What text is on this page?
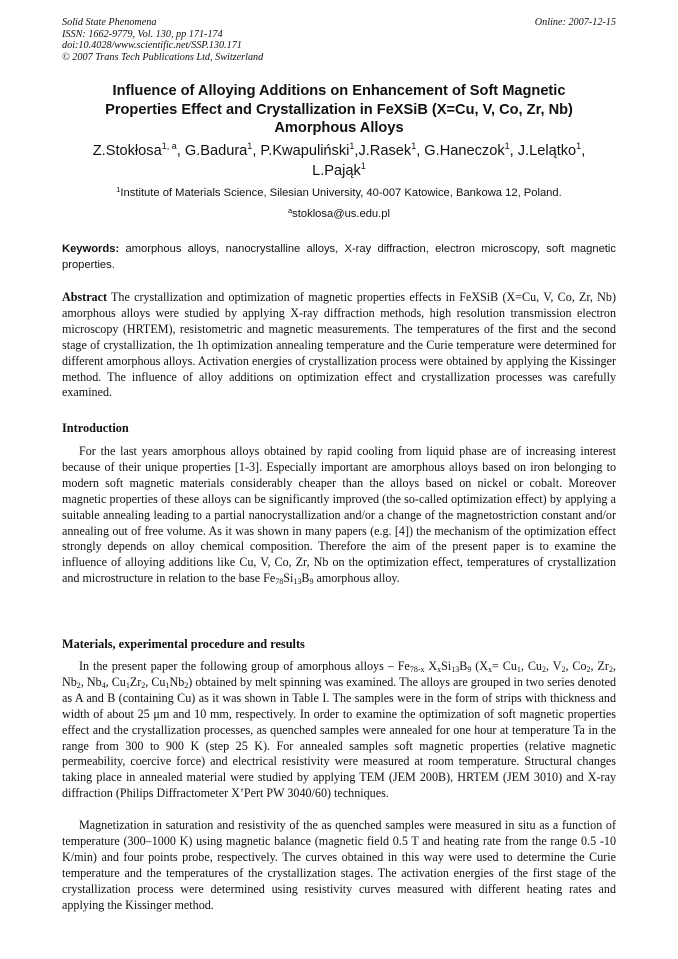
Solid State Phenomena
ISSN: 1662-9779, Vol. 130, pp 171-174
doi:10.4028/www.scientific.net/SSP.130.171
© 2007 Trans Tech Publications Ltd, Switzerland
Online: 2007-12-15
Influence of Alloying Additions on Enhancement of Soft Magnetic
Properties Effect and Crystallization in FeXSiB (X=Cu, V, Co, Zr, Nb)
Amorphous Alloys
Z.Stokłosa$^{1, a}$, G.Badura$^1$, P.Kwapuliński$^1$,J.Rasek$^1$, G.Haneczok$^1$, J.Lelątko$^1$,
L.Pająk$^1$
$^1$Institute of Materials Science, Silesian University, 40-007 Katowice, Bankowa 12, Poland.
$^a$stoklosa@us.edu.pl
Keywords: amorphous alloys, nanocrystalline alloys, X-ray diffraction, electron microscopy, soft magnetic properties.
Abstract The crystallization and optimization of magnetic properties effects in FeXSiB (X=Cu, V, Co, Zr, Nb) amorphous alloys were studied by applying X-ray diffraction methods, high resolution transmission electron microscopy (HRTEM), resistometric and magnetic measurements. The temperatures of the first and the second stage of crystallization, the 1h optimization annealing temperature and the Curie temperature were determined for different amorphous alloys. Activation energies of crystallization process were obtained by applying the Kissinger method. The influence of alloy additions on optimization effect and crystallization processes was carefully examined.
Introduction
For the last years amorphous alloys obtained by rapid cooling from liquid phase are of increasing interest because of their unique properties [1-3]. Especially important are amorphous alloys based on iron belonging to modern soft magnetic materials considerably cheaper than the alloys based on nickel or cobalt. Moreover magnetic properties of these alloys can be significantly improved (the so-called optimization effect) by applying a suitable annealing leading to a partial nanocrystallization and/or a change of the magnetostriction constant and/or annealing out of free volume. As it was shown in many papers (e.g. [4]) the mechanism of the optimization effect strongly depends on alloy chemical composition. Therefore the aim of the present paper is to examine the influence of alloying additions like Cu, V, Co, Zr, Nb on the optimization effect, temperatures of crystallization and microstructure in relation to the base $Fe_{78}Si_{13}B_9$ amorphous alloy.
Materials, experimental procedure and results
In the present paper the following group of amorphous alloys – $Fe_{78-x}$ $X_xSi_{13}B_9$ ($X_x= Cu_1$, $Cu_2$, $V_2$, $Co_2$, $Zr_2$, $Nb_2$, $Nb_4$, $Cu_1Zr_2$, $Cu_1Nb_2$) obtained by melt spinning was examined. The alloys are grouped in two series denoted as A and B (containing Cu) as it was shown in Table I. The samples were in the form of strips with thickness and width of about 25 μm and 10 mm, respectively. In order to examine the optimization of soft magnetic properties effect and the crystallization processes, as quenched samples were annealed for one hour at temperature Ta in the range from 300 to 900 K (step 25 K). For annealed samples soft magnetic properties (relative magnetic permeability, coercive force) and electrical resistivity were measured at room temperature. Structural changes taking place in annealed material were studied by applying TEM (JEM 200B), HRTEM (JEM 3010) and X-ray diffraction (Philips Diffractometer X’Pert PW 3040/60) techniques.
Magnetization in saturation and resistivity of the as quenched samples were measured in situ as a function of temperature (300–1000 K) using magnetic balance (magnetic field 0.5 T and heating rate from the range 0.5 -10 K/min) and four points probe, respectively. The curves obtained in this way were used to determine the Curie temperature and the temperatures of the crystallization stages. The activation energies of the first stage of the crystallization process were determined using resistivity curves measured with different heating rates and applying the Kissinger method.
